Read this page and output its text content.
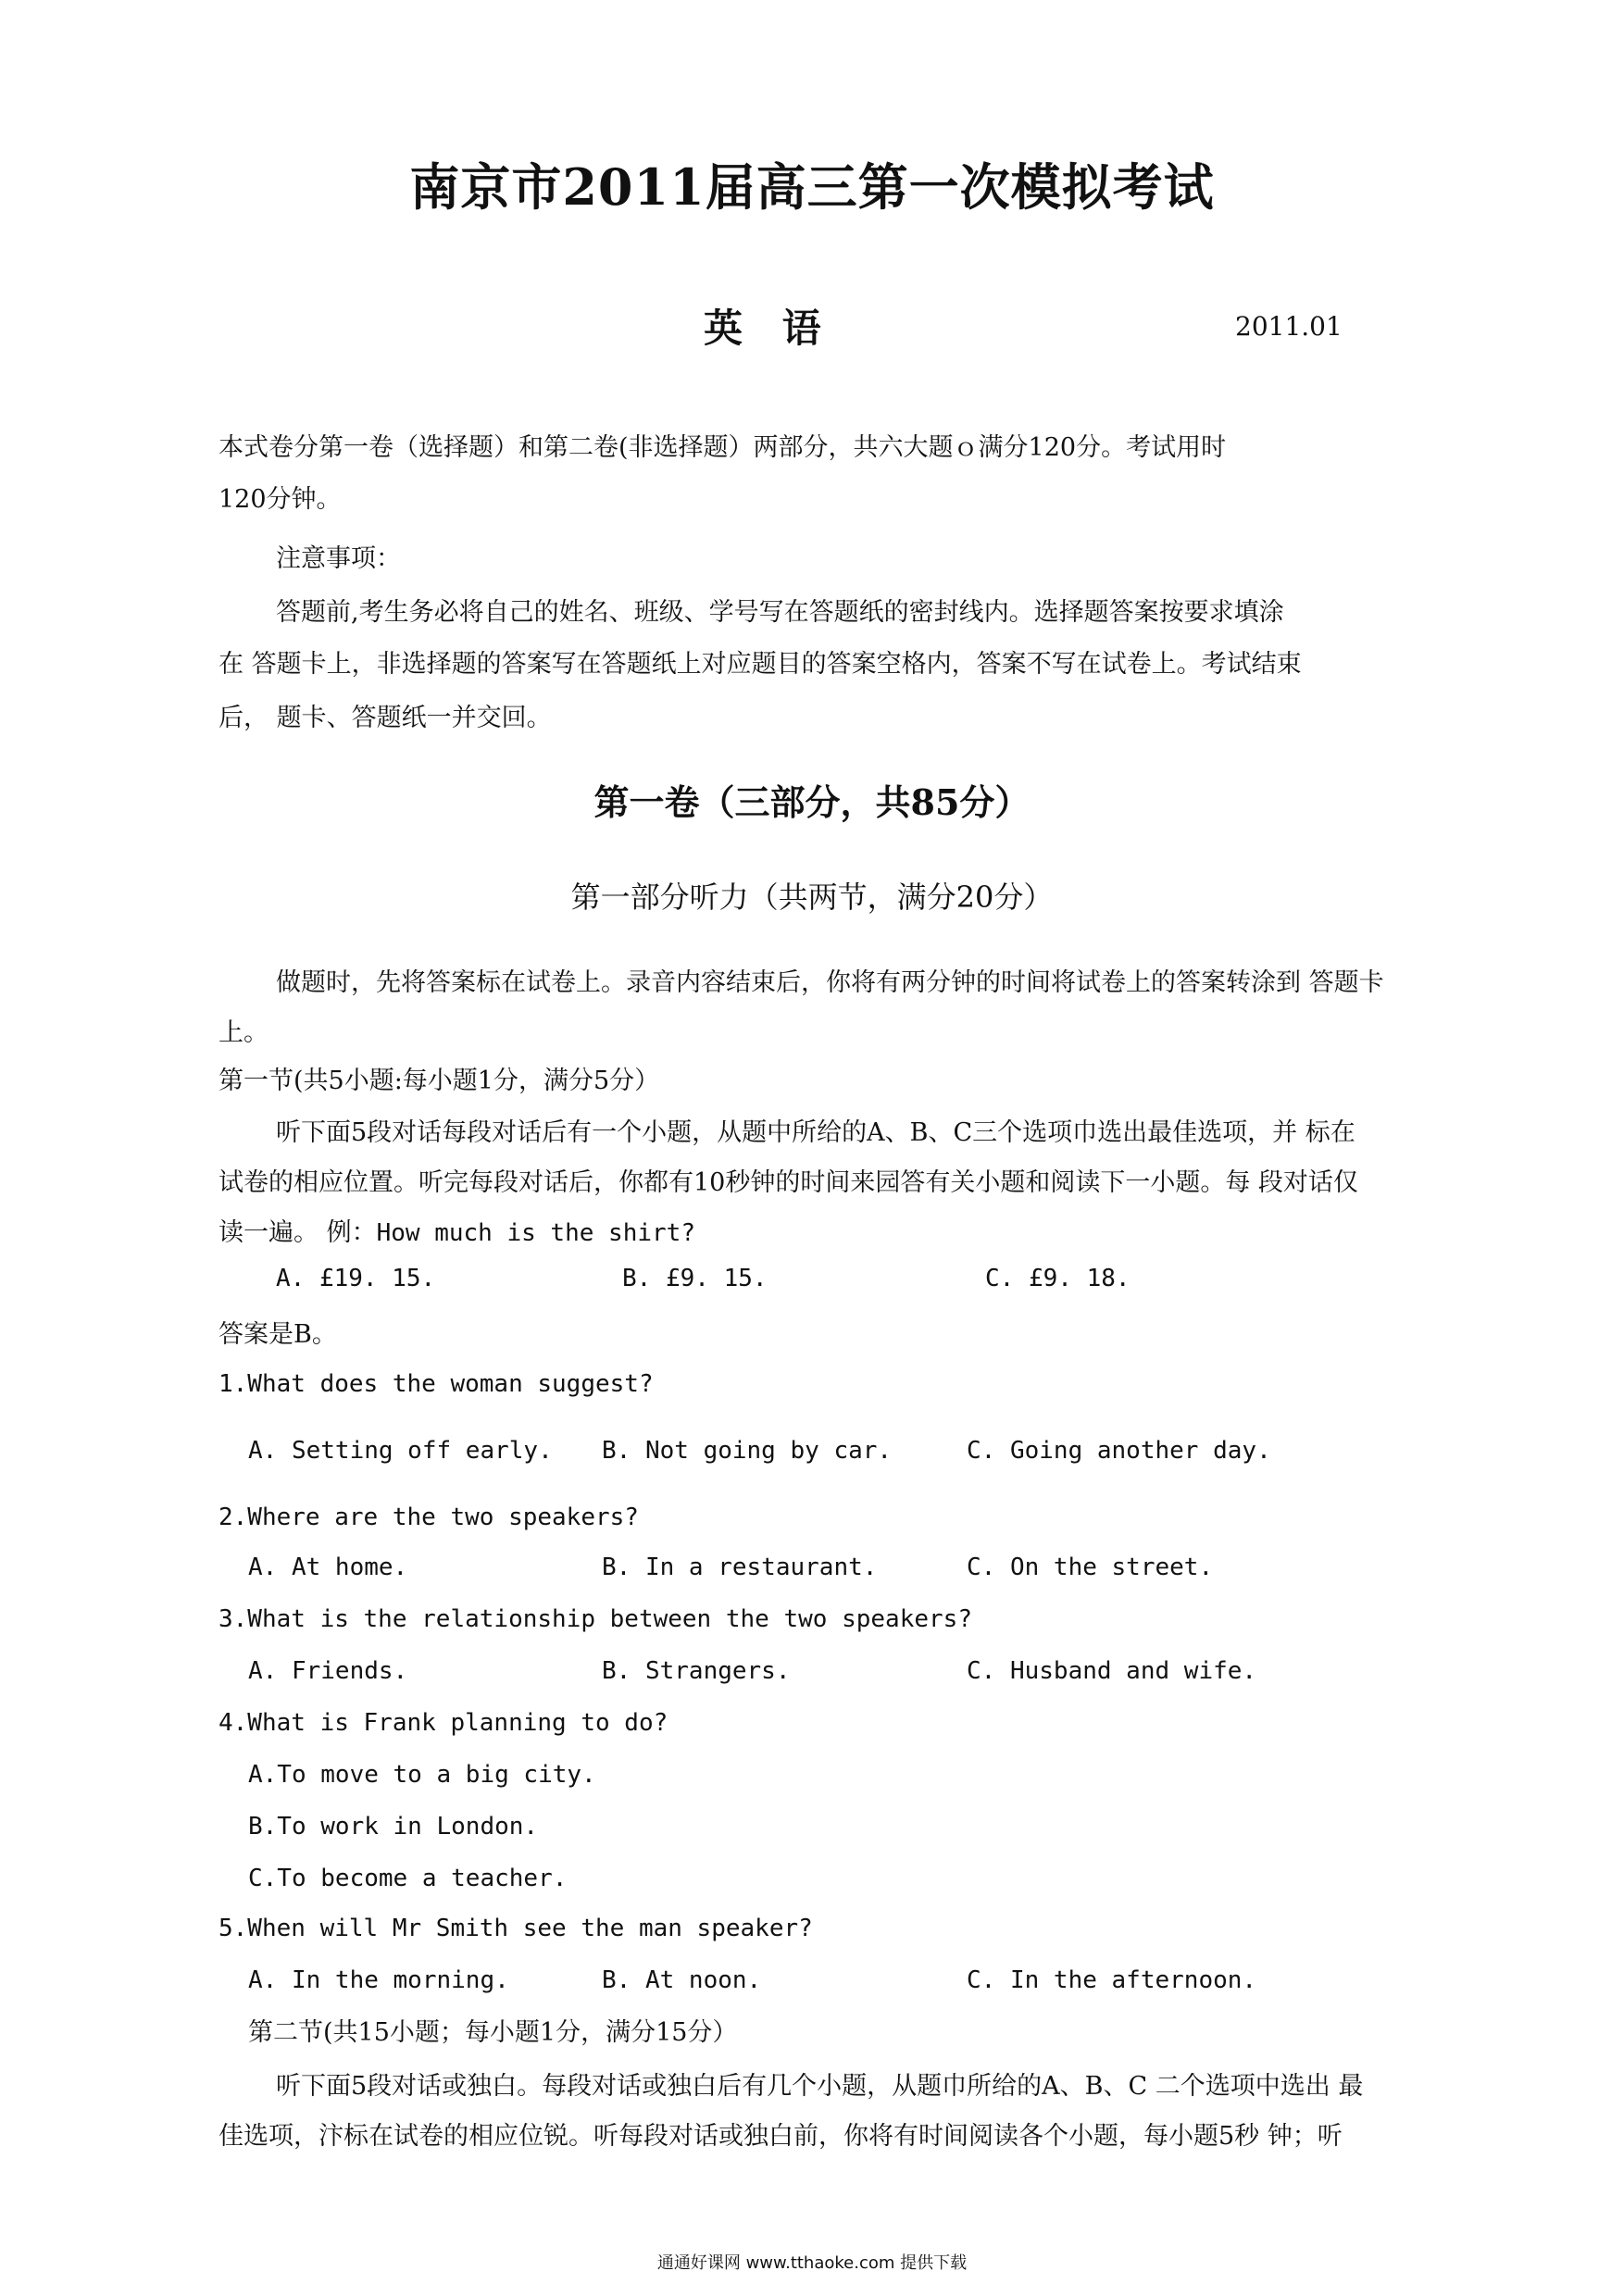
南京市2011届高三第一次模拟考试
英 语	2011.01
本式卷分第一卷（选择题）和第二卷(非选择题）两部分，共六大题ｏ满分120分。考试用时
120分钟。
注意事项：
答题前,考生务必将自己的姓名、班级、学号写在答题纸的密封线内。选择题答案按要求填涂
在 答题卡上，非选择题的答案写在答题纸上对应题目的答案空格内，答案不写在试卷上。考试结束
后， 题卡、答题纸一并交回。
第一卷（三部分，共85分）
第一部分听力（共两节，满分20分）
做题时，先将答案标在试卷上。录音内容结束后，你将有两分钟的时间将试卷上的答案转涂到 答题卡
上。
第一节(共5小题:每小题1分，满分5分）
听下面5段对话每段对话后有一个小题，从题中所给的A、B、C三个选项巾选出最佳选项，并 标在
试卷的相应位置。听完每段对话后，你都有10秒钟的时间来园答有关小题和阅读下一小题。每 段对话仅
读一遍。 例：How much is the shirt?
A. £19. 15.	B. £9. 15.	C. £9. 18.
答案是B。
1.What does the woman suggest?
A. Setting off early. B. Not going by car.	C. Going another day.
2.Where are the two speakers?
A. At home.	B. In a restaurant.	C. On the street.
3.What is the relationship between the two speakers?
A. Friends.	B. Strangers.	C. Husband and wife.
4.What is Frank planning to do?
A.To move to a big city.
B.To work in London.
C.To become a teacher.
5.When will Mr Smith see the man speaker?
A. In the morning.	B. At noon.	C. In the afternoon.
第二节(共15小题；每小题1分，满分15分）
听下面5段对话或独白。每段对话或独白后有几个小题，从题巾所给的A、B、C 二个选项中选出 最
佳选项，汴标在试卷的相应位锐。听每段对话或独白前，你将有时间阅读各个小题，每小题5秒 钟；听
通通好课网 www.tthaoke.com 提供下载
